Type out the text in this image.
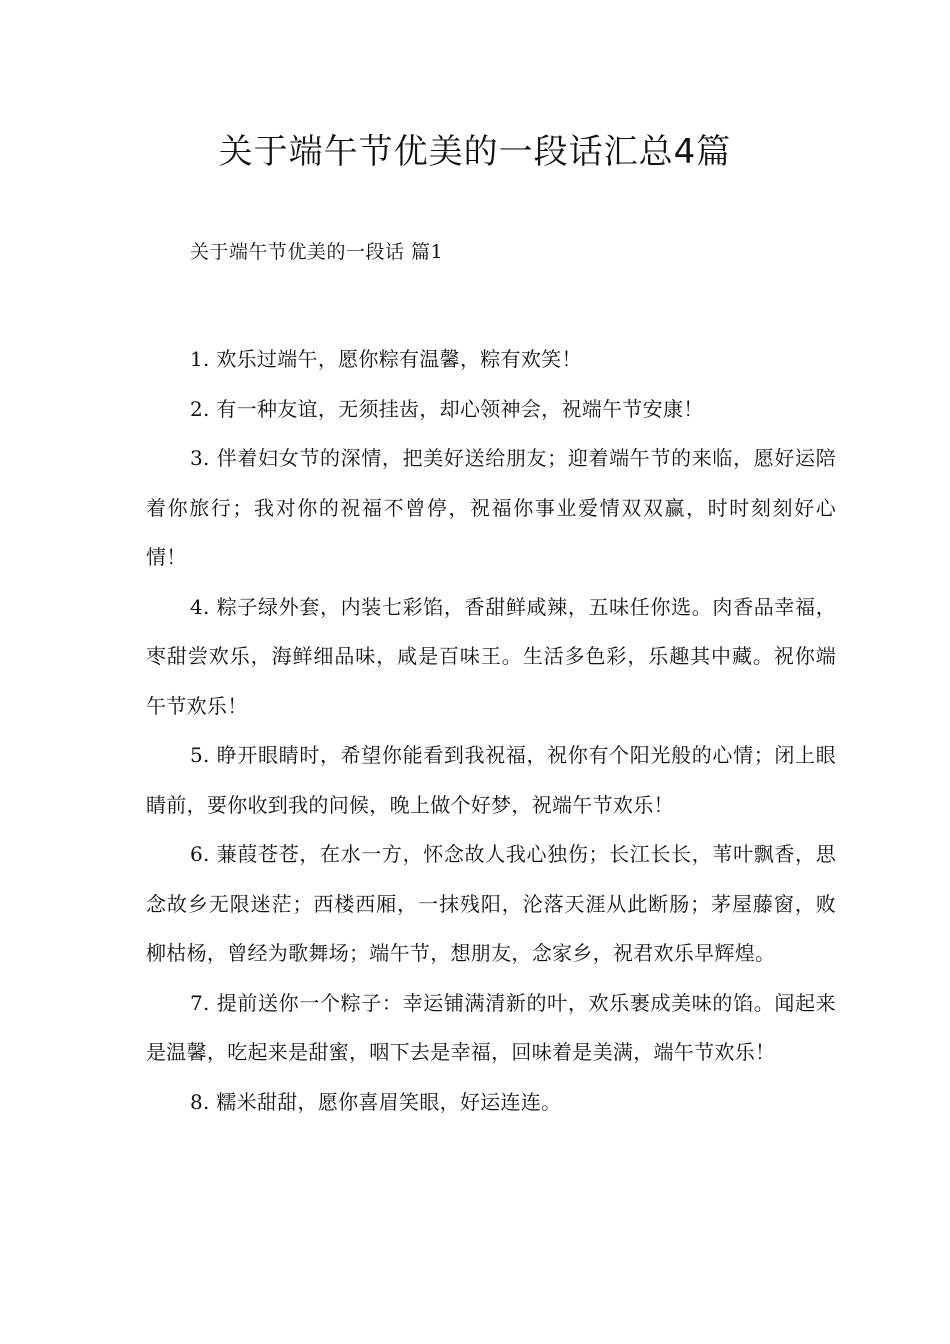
关于端午节优美的一段话汇总4篇
关于端午节优美的一段话 篇1

1. 欢乐过端午，愿你粽有温馨，粽有欢笑！

2. 有一种友谊，无须挂齿，却心领神会，祝端午节安康！

3. 伴着妇女节的深情，把美好送给朋友；迎着端午节的来临，愿好运陪着你旅行；我对你的祝福不曾停，祝福你事业爱情双双赢，时时刻刻好心情！

4. 粽子绿外套，内装七彩馅，香甜鲜咸辣，五味任你选。肉香品幸福，枣甜尝欢乐，海鲜细品味，咸是百味王。生活多色彩，乐趣其中藏。祝你端午节欢乐！

5. 睁开眼睛时，希望你能看到我祝福，祝你有个阳光般的心情；闭上眼睛前，要你收到我的问候，晚上做个好梦，祝端午节欢乐！

6. 蒹葭苍苍，在水一方，怀念故人我心独伤；长江长长，苇叶飘香，思念故乡无限迷茫；西楼西厢，一抹残阳，沦落天涯从此断肠；茅屋藤窗，败柳枯杨，曾经为歌舞场；端午节，想朋友，念家乡，祝君欢乐早辉煌。

7. 提前送你一个粽子：幸运铺满清新的叶，欢乐裹成美味的馅。闻起来是温馨，吃起来是甜蜜，咽下去是幸福，回味着是美满，端午节欢乐！

8. 糯米甜甜，愿你喜眉笑眼，好运连连。
